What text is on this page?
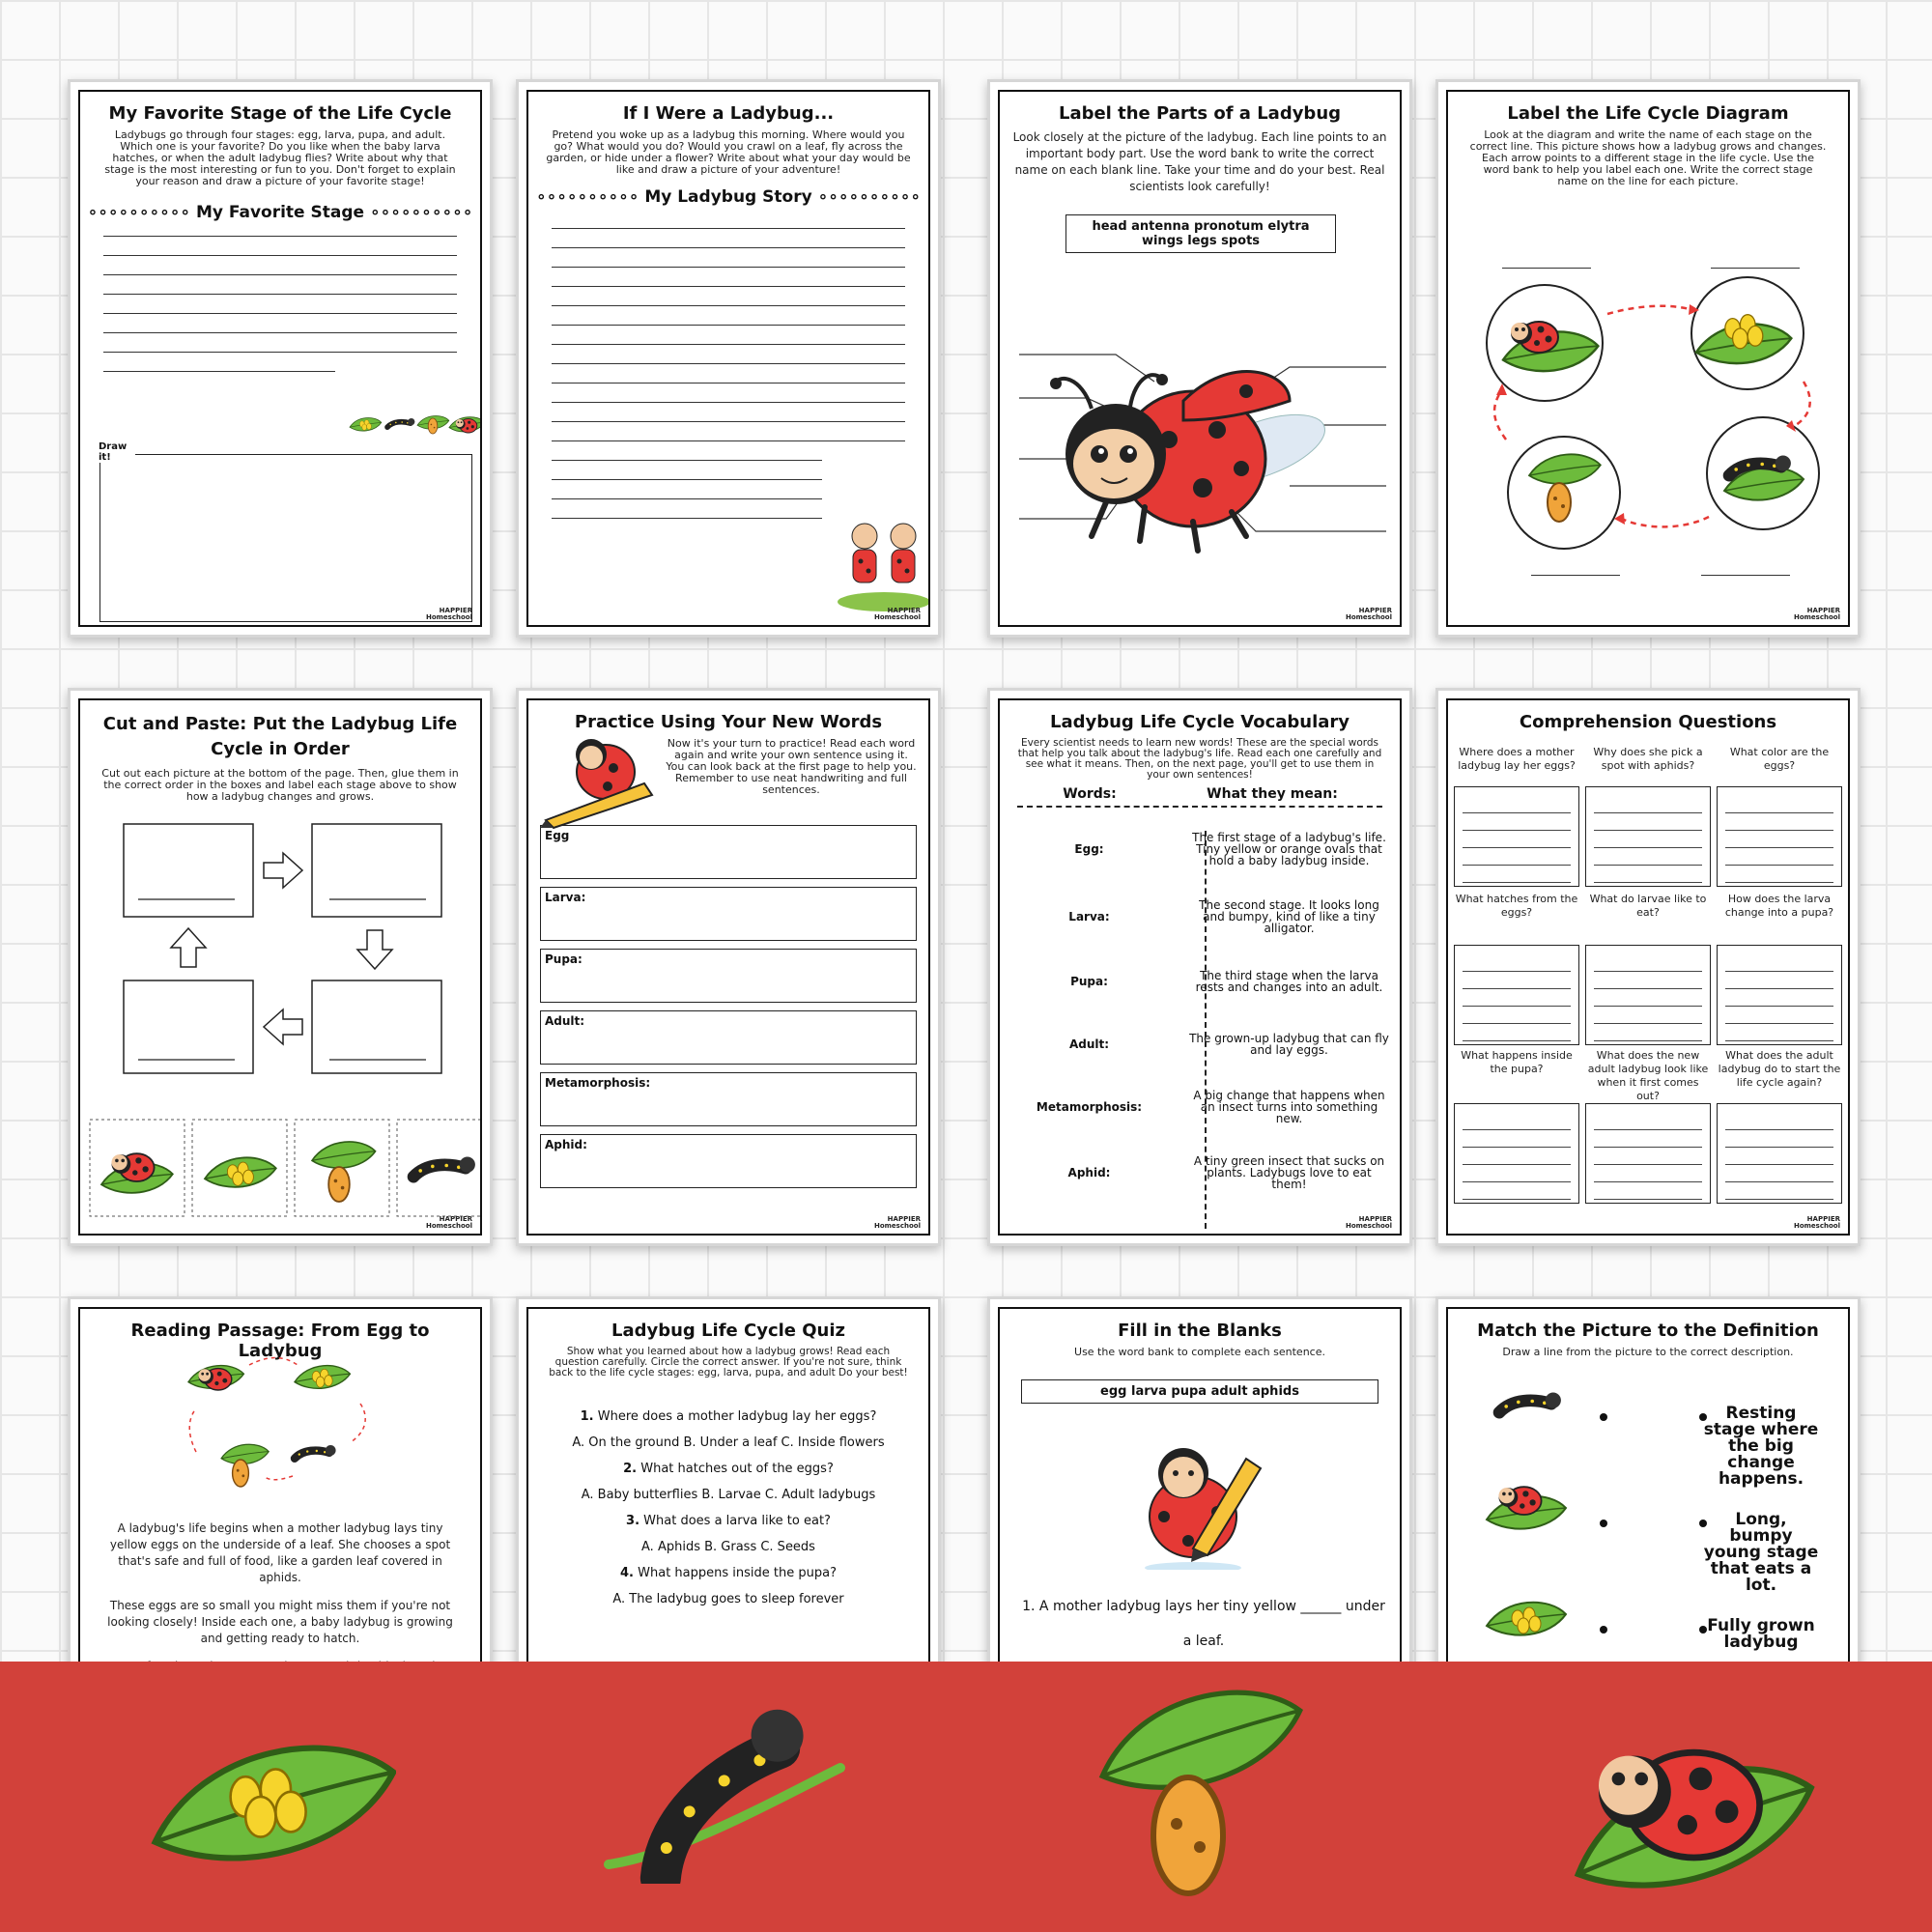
My Favorite Stage of the Life Cycle
Ladybugs go through four stages: egg, larva, pupa, and adult. Which one is your favorite? Do you like when the baby larva hatches, or when the adult ladybug flies? Write about why that stage is the most interesting or fun to you. Don't forget to explain your reason and draw a picture of your favorite stage!
∘∘∘∘∘∘∘∘∘∘ My Favorite Stage ∘∘∘∘∘∘∘∘∘∘
Draw it!
HAPPIER
Homeschool
If I Were a Ladybug...
Pretend you woke up as a ladybug this morning. Where would you go? What would you do? Would you crawl on a leaf, fly across the garden, or hide under a flower? Write about what your day would be like and draw a picture of your adventure!
∘∘∘∘∘∘∘∘∘∘ My Ladybug Story ∘∘∘∘∘∘∘∘∘∘
HAPPIER
Homeschool
Label the Parts of a Ladybug
Look closely at the picture of the ladybug. Each line points to an important body part. Use the word bank to write the correct name on each blank line. Take your time and do your best. Real scientists look carefully!
head antenna pronotum elytra
wings legs spots
HAPPIER
Homeschool
Label the Life Cycle Diagram
Look at the diagram and write the name of each stage on the correct line. This picture shows how a ladybug grows and changes. Each arrow points to a different stage in the life cycle. Use the word bank to help you label each one. Write the correct stage name on the line for each picture.
HAPPIER
Homeschool
Cut and Paste: Put the Ladybug Life Cycle in Order
Cut out each picture at the bottom of the page. Then, glue them in the correct order in the boxes and label each stage above to show how a ladybug changes and grows.
HAPPIER
Homeschool
Practice Using Your New Words
Now it's your turn to practice! Read each word again and write your own sentence using it. You can look back at the first page to help you. Remember to use neat handwriting and full sentences.
Egg
Larva:
Pupa:
Adult:
Metamorphosis:
Aphid:
HAPPIER
Homeschool
Ladybug Life Cycle Vocabulary
Every scientist needs to learn new words! These are the special words that help you talk about the ladybug's life. Read each one carefully and see what it means. Then, on the next page, you'll get to use them in your own sentences!
Words:	What they mean:
Egg:
The first stage of a ladybug's life. Tiny yellow or orange ovals that hold a baby ladybug inside.
Larva:
The second stage. It looks long and bumpy, kind of like a tiny alligator.
Pupa:	The third stage when the larva rests and changes into an adult.
Adult:	The grown-up ladybug that can fly and lay eggs.
Metamorphosis:
A big change that happens when an insect turns into something new.
Aphid:
A tiny green insect that sucks on plants. Ladybugs love to eat them!
HAPPIER
Homeschool
Comprehension Questions
Where does a mother ladybug lay her eggs?
Why does she pick a spot with aphids?
What color are the eggs?
What hatches from the eggs?
What do larvae like to eat?
How does the larva change into a pupa?
What happens inside the pupa?
What does the new adult ladybug look like when it first comes out?
What does the adult ladybug do to start the life cycle again?
HAPPIER
Homeschool
Reading Passage: From Egg to Ladybug
A ladybug's life begins when a mother ladybug lays tiny yellow eggs on the underside of a leaf. She chooses a spot that's safe and full of food, like a garden leaf covered in aphids.
These eggs are so small you might miss them if you're not looking closely! Inside each one, a baby ladybug is growing and getting ready to hatch.
Ladybug Life Cycle Quiz
Show what you learned about how a ladybug grows! Read each question carefully. Circle the correct answer. If you're not sure, think back to the life cycle stages: egg, larva, pupa, and adult Do your best!
1. Where does a mother ladybug lay her eggs?
A. On the ground B. Under a leaf C. Inside flowers
2. What hatches out of the eggs?
A. Baby butterflies B. Larvae C. Adult ladybugs
3. What does a larva like to eat?
A. Aphids B. Grass C. Seeds
4. What happens inside the pupa?
A. The ladybug goes to sleep forever
Fill in the Blanks
Use the word bank to complete each sentence.
egg larva pupa adult aphids
1. A mother ladybug lays her tiny yellow ______ under
a leaf.
Match the Picture to the Definition
Draw a line from the picture to the correct description.
Resting stage where the big change happens.
Long, bumpy young stage that eats a lot.
Fully grown ladybug
